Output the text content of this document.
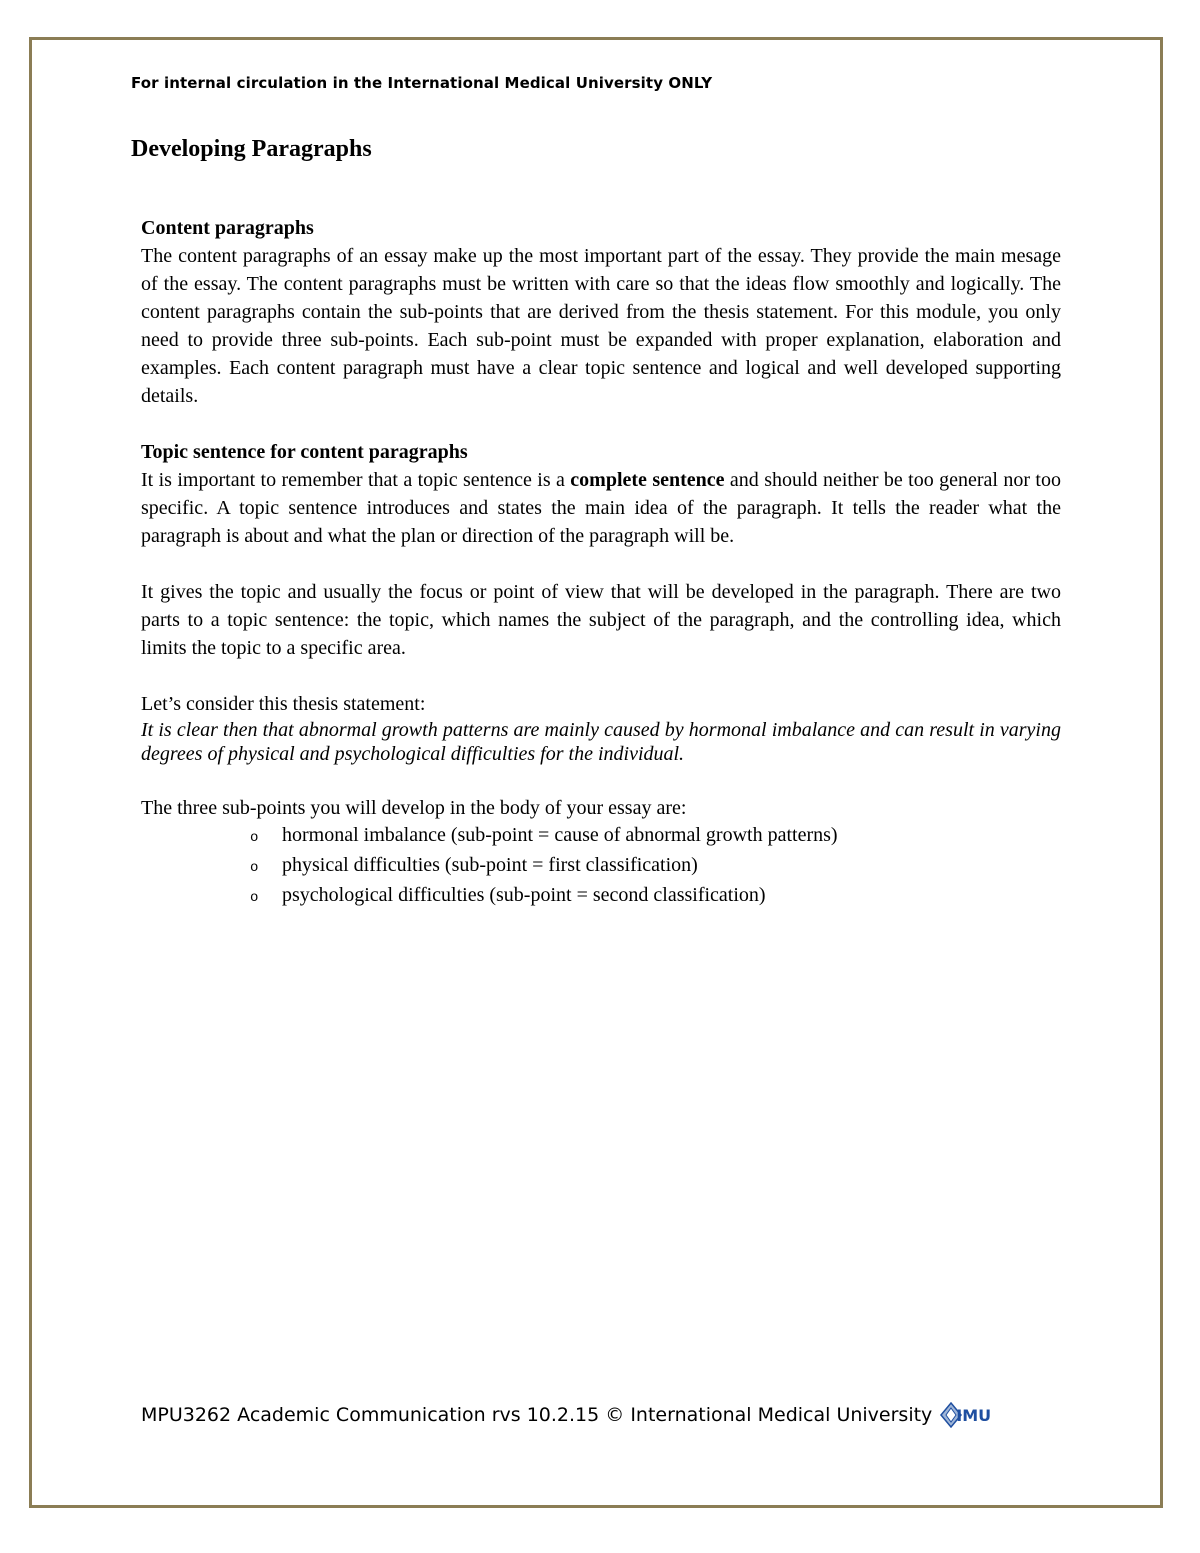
For internal circulation in the International Medical University ONLY
Developing Paragraphs
Content paragraphs

The content paragraphs of an essay make up the most important part of the essay. They provide the main mesage of the essay. The content paragraphs must be written with care so that the ideas flow smoothly and logically. The content paragraphs contain the sub-points that are derived from the thesis statement. For this module, you only need to provide three sub-points. Each sub-point must be expanded with proper explanation, elaboration and examples. Each content paragraph must have a clear topic sentence and logical and well developed supporting details.

Topic sentence for content paragraphs

It is important to remember that a topic sentence is a complete sentence and should neither be too general nor too specific. A topic sentence introduces and states the main idea of the paragraph. It tells the reader what the paragraph is about and what the plan or direction of the paragraph will be.

It gives the topic and usually the focus or point of view that will be developed in the paragraph. There are two parts to a topic sentence: the topic, which names the subject of the paragraph, and the controlling idea, which limits the topic to a specific area.

Let’s consider this thesis statement:

It is clear then that abnormal growth patterns are mainly caused by hormonal imbalance and can result in varying degrees of physical and psychological difficulties for the individual.

The three sub-points you will develop in the body of your essay are:

o	hormonal imbalance (sub-point = cause of abnormal growth patterns)
o	physical difficulties (sub-point = first classification)
o	psychological difficulties (sub-point = second classification)
MPU3262 Academic Communication rvs 10.2.15 © International Medical University IMU
